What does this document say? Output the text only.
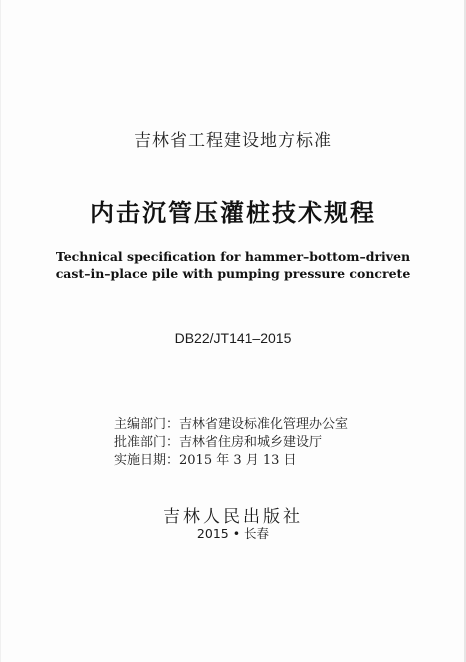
吉林省工程建设地方标准
内击沉管压灌桩技术规程
Technical specification for hammer–bottom–driven
cast–in–place pile with pumping pressure concrete
DB22/JT141–2015
主编部门：吉林省建设标准化管理办公室
批准部门：吉林省住房和城乡建设厅
实施日期：2015 年 3 月 13 日
吉林人民出版社
2015 • 长春
